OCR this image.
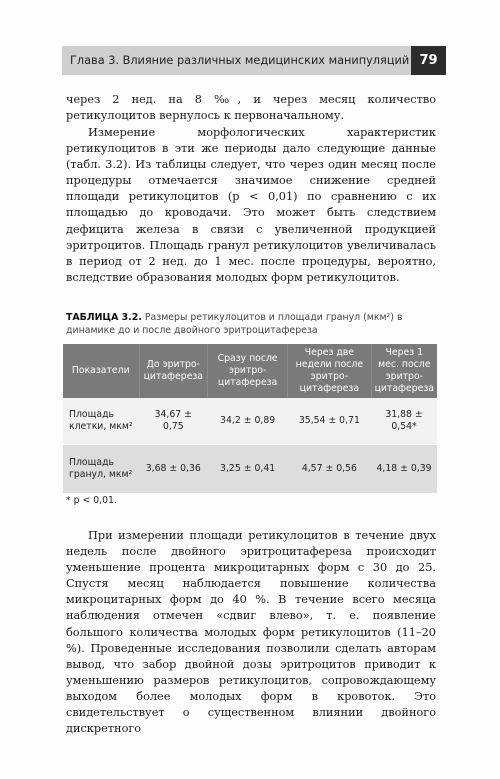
Глава 3. Влияние различных медицинских манипуляций 79

через 2 нед. на 8 ‰, и через месяц количество ретикулоцитов вернулось к первоначальному.

Измерение морфологических характеристик ретикулоцитов в эти же периоды дало следующие данные (табл. 3.2). Из таблицы следует, что через один месяц после процедуры отмечается значимое снижение средней площади ретикулоцитов (p < 0,01) по сравнению с их площадью до кроводачи. Это может быть следствием дефицита железа в связи с увеличенной продукцией эритроцитов. Площадь гранул ретикулоцитов увеличивалась в период от 2 нед. до 1 мес. после процедуры, вероятно, вследствие образования молодых форм ретикулоцитов.

ТАБЛИЦА 3.2. Размеры ретикулоцитов и площади гранул (мкм²) в динамике до и после двойного эритроцитафереза
Показатели	До эритро-цитафереза	Сразу после эритро-цитафереза	Через две недели после эритро-цитафереза	Через 1 мес. после эритро-цитафереза
Площадь клетки, мкм²	34,67 ± 0,75	34,2 ± 0,89	35,54 ± 0,71	31,88 ± 0,54*
Площадь гранул, мкм²	3,68 ± 0,36	3,25 ± 0,41	4,57 ± 0,56	4,18 ± 0,39
* p < 0,01.

При измерении площади ретикулоцитов в течение двух недель после двойного эритроцитафереза происходит уменьшение процента микроцитарных форм с 30 до 25. Спустя месяц наблюдается повышение количества микроцитарных форм до 40 %. В течение всего месяца наблюдения отмечен «сдвиг влево», т. е. появление большого количества молодых форм ретикулоцитов (11–20 %). Проведенные исследования позволили сделать авторам вывод, что забор двойной дозы эритроцитов приводит к уменьшению размеров ретикулоцитов, сопровождающему выходом более молодых форм в кровоток. Это свидетельствует о существенном влиянии двойного дискретного
